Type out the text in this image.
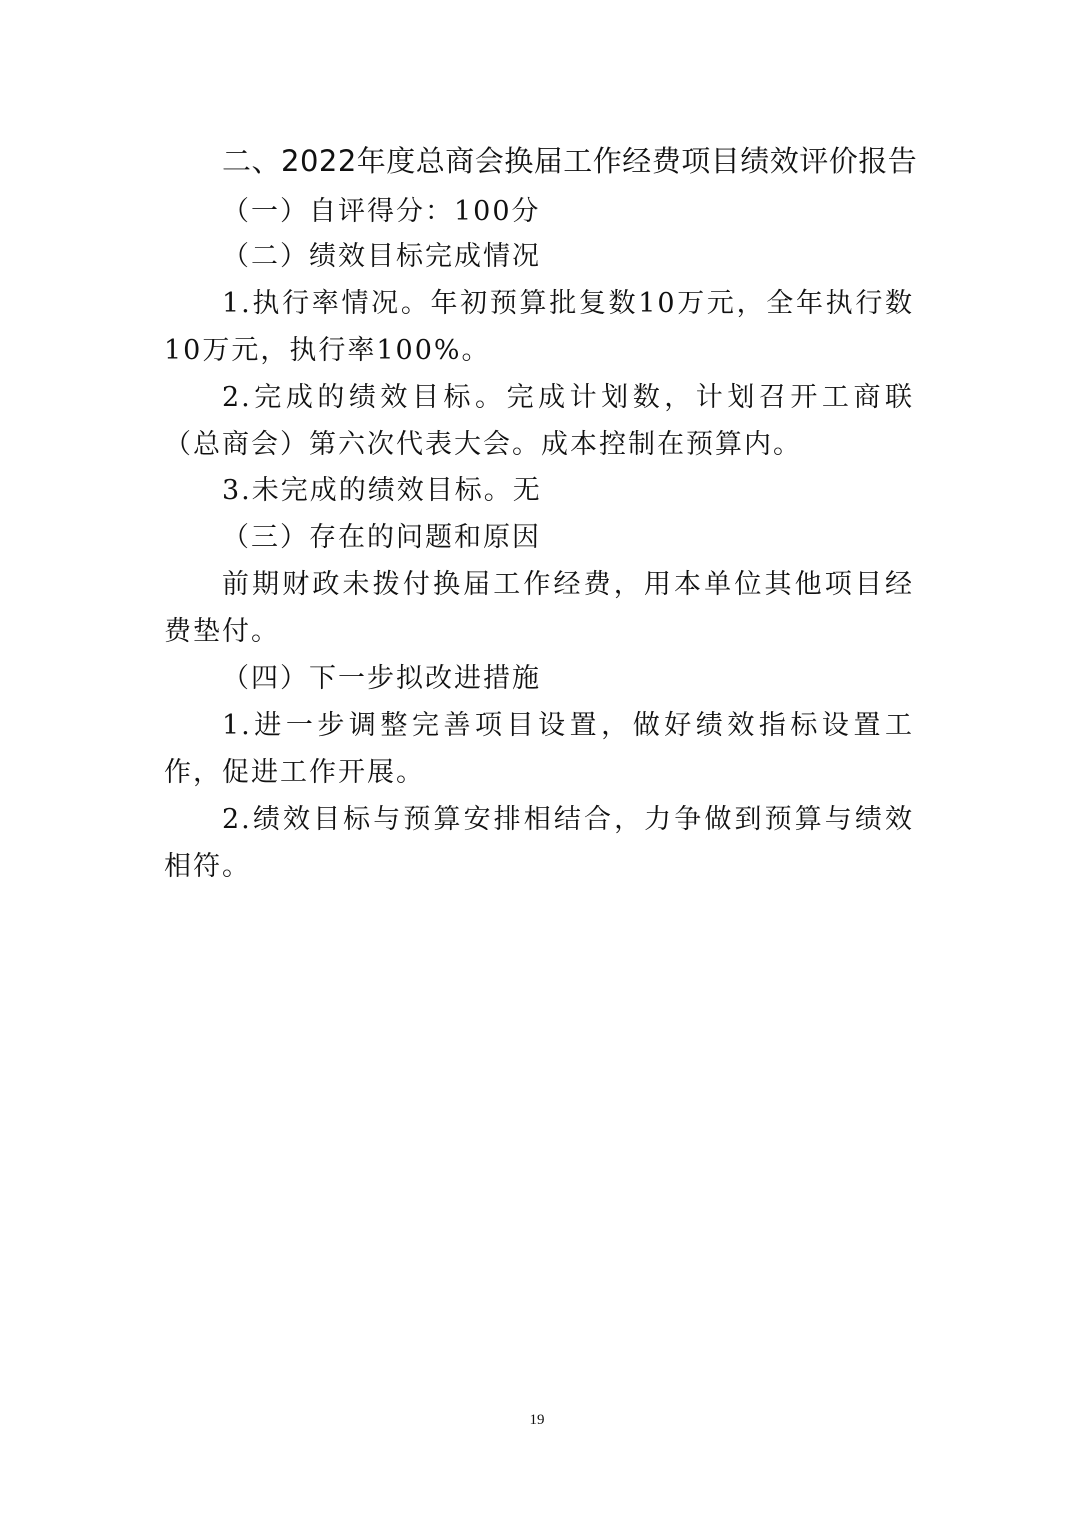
二、2022年度总商会换届工作经费项目绩效评价报告
（一）自评得分：100分
（二）绩效目标完成情况
1.执行率情况。年初预算批复数10万元，全年执行数10万元，执行率100%。
2.完成的绩效目标。完成计划数，计划召开工商联（总商会）第六次代表大会。成本控制在预算内。
3.未完成的绩效目标。无
（三）存在的问题和原因
前期财政未拨付换届工作经费，用本单位其他项目经费垫付。
（四）下一步拟改进措施
1.进一步调整完善项目设置，做好绩效指标设置工作，促进工作开展。
2.绩效目标与预算安排相结合，力争做到预算与绩效相符。
19
